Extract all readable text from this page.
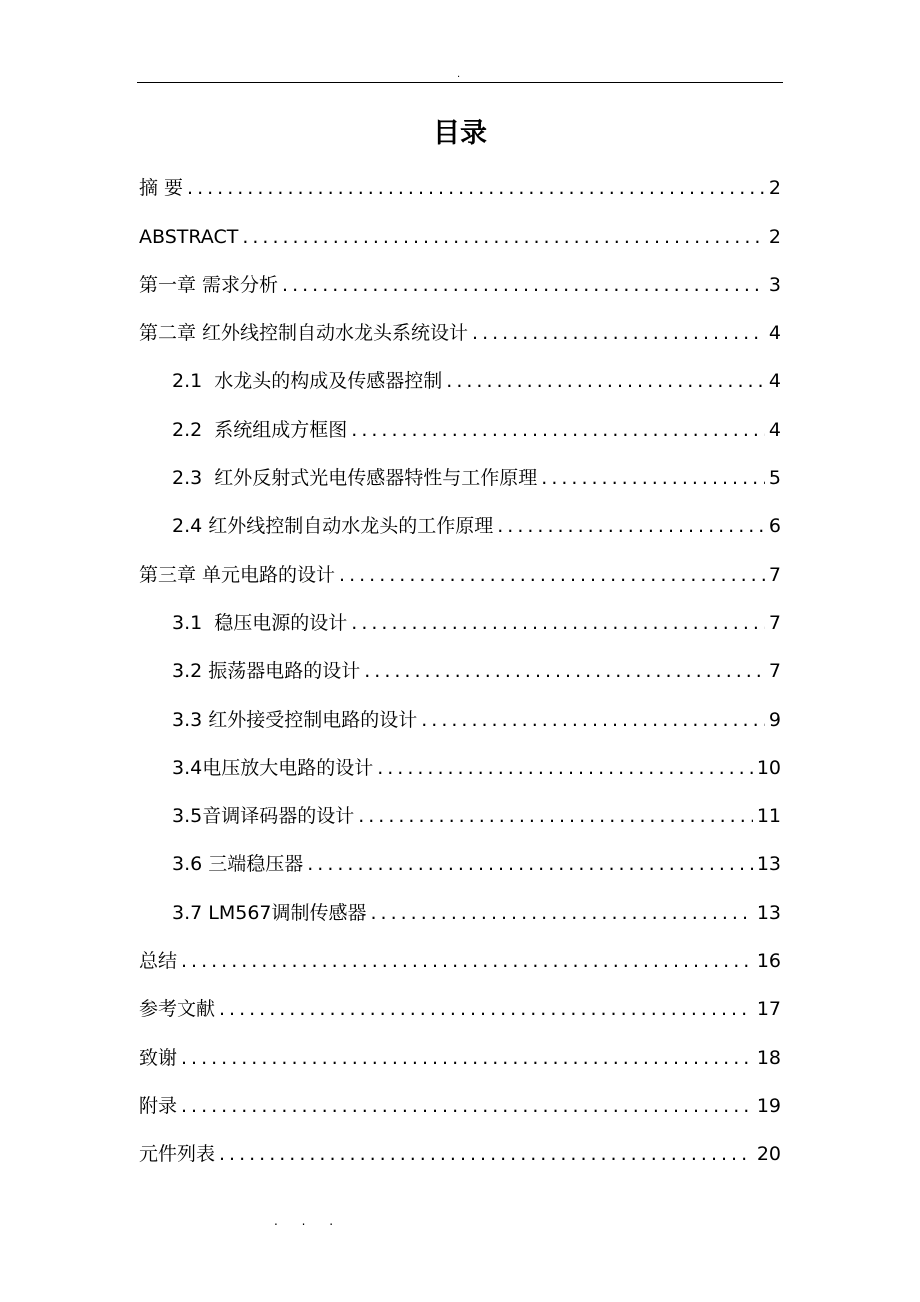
.
目录
摘 要 .....	2
ABSTRACT .....	2
第一章 需求分析 .....	3
第二章 红外线控制自动水龙头系统设计 .....	4
2.1  水龙头的构成及传感器控制 .....	4
2.2  系统组成方框图 .....	4
2.3  红外反射式光电传感器特性与工作原理 .....	5
2.4 红外线控制自动水龙头的工作原理 .....	6
第三章 单元电路的设计 .....	7
3.1  稳压电源的设计 .....	7
3.2 振荡器电路的设计 .....	7
3.3 红外接受控制电路的设计 .....	9
3.4电压放大电路的设计 .....	10
3.5音调译码器的设计 .....	11
3.6 三端稳压器 .....	13
3.7 LM567调制传感器 .....	13
总结 .....	16
参考文献 .....	17
致谢 .....	18
附录 .....	19
元件列表 .....	20
. . .
